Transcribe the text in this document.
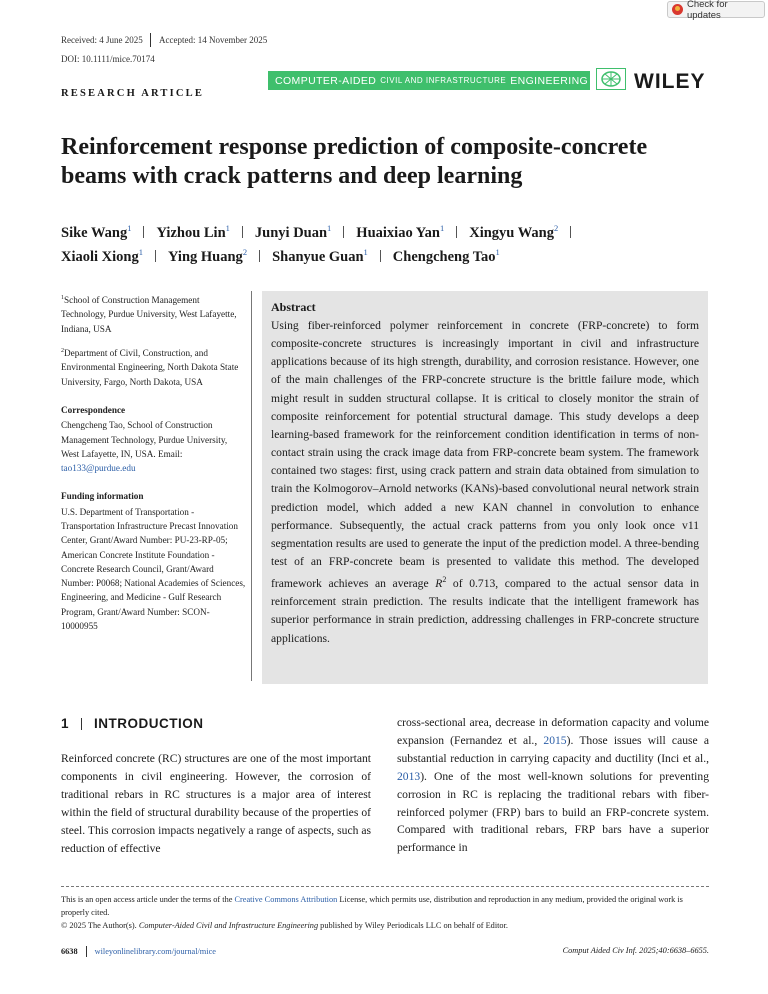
Check for updates
Received: 4 June 2025 Accepted: 14 November 2025
DOI: 10.1111/mice.70174
RESEARCH ARTICLE
COMPUTER-AIDED CIVIL AND INFRASTRUCTURE ENGINEERING WILEY
Reinforcement response prediction of composite-concrete beams with crack patterns and deep learning
Sike Wang$^1$ Yizhou Lin$^1$ Junyi Duan$^1$ Huaixiao Yan$^1$ Xingyu Wang$^2$
Xiaoli Xiong$^1$ Ying Huang$^2$ Shanyue Guan$^1$ Chengcheng Tao$^1$

$^1$School of Construction Management Technology, Purdue University, West Lafayette, Indiana, USA

$^2$Department of Civil, Construction, and Environmental Engineering, North Dakota State University, Fargo, North Dakota, USA

Correspondence

Chengcheng Tao, School of Construction Management Technology, Purdue University, West Lafayette, IN, USA. Email: tao133@purdue.edu

Funding information

U.S. Department of Transportation - Transportation Infrastructure Precast Innovation Center, Grant/Award Number: PU-23-RP-05; American Concrete Institute Foundation - Concrete Research Council, Grant/Award Number: P0068; National Academies of Sciences, Engineering, and Medicine - Gulf Research Program, Grant/Award Number: SCON-10000955

Abstract

Using fiber-reinforced polymer reinforcement in concrete (FRP-concrete) to form composite-concrete structures is increasingly important in civil and infrastructure applications because of its high strength, durability, and corrosion resistance. However, one of the main challenges of the FRP-concrete structure is the brittle failure mode, which might result in sudden structural collapse. It is critical to closely monitor the strain of composite reinforcement for potential structural damage. This study develops a deep learning-based framework for the reinforcement condition identification in terms of non-contact strain using the crack image data from FRP-concrete beam system. The framework contained two stages: first, using crack pattern and strain data obtained from simulation to train the Kolmogorov–Arnold networks (KANs)-based convolutional neural network strain prediction model, which added a new KAN channel in convolution to enhance performance. Subsequently, the actual crack patterns from you only look once v11 segmentation results are used to generate the input of the prediction model. A three-bending test of an FRP-concrete beam is presented to validate this method. The developed framework achieves an average $R^2$ of 0.713, compared to the actual sensor data in reinforcement strain prediction. The results indicate that the intelligent framework has superior performance in strain prediction, addressing challenges in FRP-concrete structure applications.

1 INTRODUCTION

Reinforced concrete (RC) structures are one of the most important components in civil engineering. However, the corrosion of traditional rebars in RC structures is a major area of interest within the field of structural durability because of the properties of steel. This corrosion impacts negatively a range of aspects, such as reduction of effective

cross-sectional area, decrease in deformation capacity and volume expansion (Fernandez et al., 2015). Those issues will cause a substantial reduction in carrying capacity and ductility (Inci et al., 2013). One of the most well-known solutions for preventing corrosion in RC is replacing the traditional rebars with fiber-reinforced polymer (FRP) bars to build an FRP-concrete system. Compared with traditional rebars, FRP bars have a superior performance in

This is an open access article under the terms of the Creative Commons Attribution License, which permits use, distribution and reproduction in any medium, provided the original work is properly cited.
© 2025 The Author(s). Computer-Aided Civil and Infrastructure Engineering published by Wiley Periodicals LLC on behalf of Editor.
6638 wileyonlinelibrary.com/journal/mice	Comput Aided Civ Inf. 2025;40:6638–6655.
